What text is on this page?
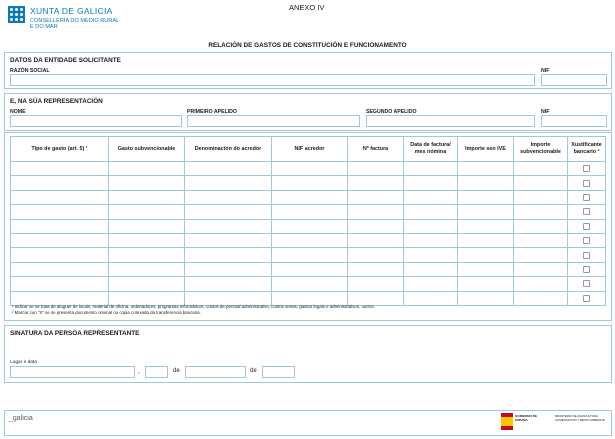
XUNTA DE GALICIA
CONSELLERÍA DO MEDIO RURAL
E DO MAR
ANEXO IV
RELACIÓN DE GASTOS DE CONSTITUCIÓN E FUNCIONAMENTO
DATOS DA ENTIDADE SOLICITANTE
RAZÓN SOCIAL	NIF
E, NA SÚA REPRESENTACIÓN
NOME	PRIMEIRO APELIDO	SEGUNDO APELIDO	NIF
Tipo de gasto (art. 5) ¹	Gasto subvencionable	Denominación do acredor	NIF acredor	Nº factura	Data de factura/ mes nómina	Importe sen IVE	Importe subvencionable	Xustificante bancario ²

¹ Indicar se se trata de aluguer de locais, material de oficina, ordenadores, programas informáticos, custos de persoal administrativo, custos xerais, gastos legais e administrativos, outros.
² Marcar cun "X" se se presenta documento orixinal ou copia cotexada da transferencia bancaria.
SINATURA DA PERSOA REPRESENTANTE
Lugar e data
,	de	de
_galicia	GOBIERNO DE ESPAÑA
MINISTERIO DE AGRICULTURA, ALIMENTACIÓN Y MEDIO AMBIENTE
